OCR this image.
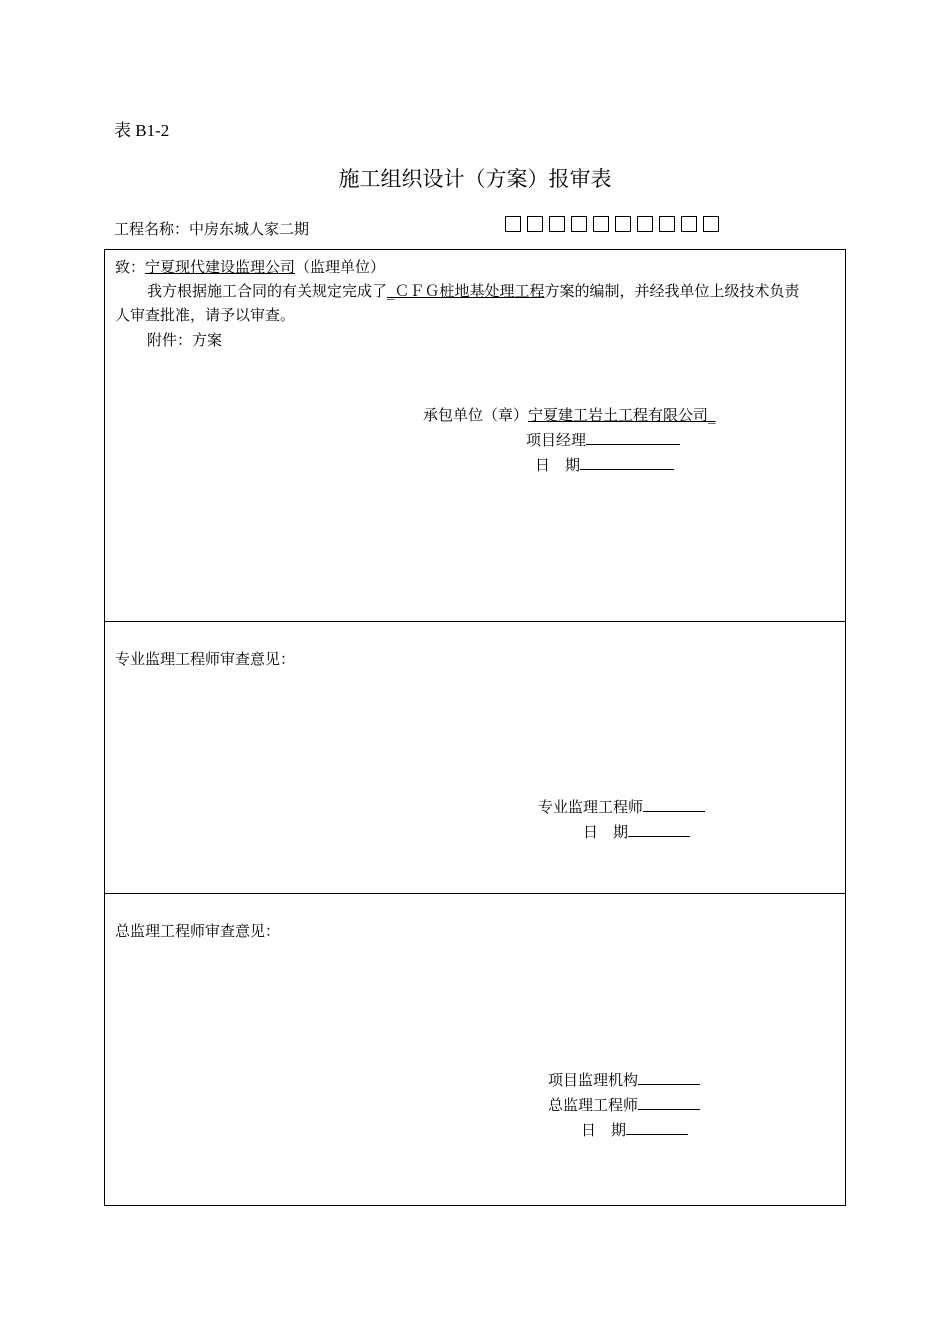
表 B1-2
施工组织设计（方案）报审表
工程名称：中房东城人家二期
致：宁夏现代建设监理公司（监理单位）
我方根据施工合同的有关规定完成了_ＣＦＧ桩地基处理工程方案的编制，并经我单位上级技术负责
人审查批准，请予以审查。
附件：方案
承包单位（章）宁夏建工岩土工程有限公司_
项目经理
日　期
专业监理工程师审查意见：
专业监理工程师
日　期
总监理工程师审查意见：
项目监理机构
总监理工程师
日　期
